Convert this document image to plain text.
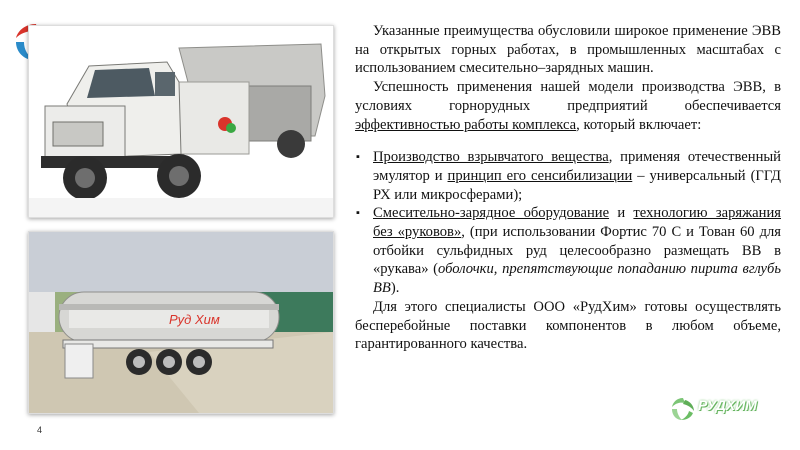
Руд Хим
4

Указанные преимущества обусловили широкое применение ЭВВ на открытых горных работах, в промышленных масштабах с использованием смесительно–зарядных машин.

Успешность применения нашей модели производства ЭВВ, в условиях горнорудных предприятий обеспечивается эффективностью работы комплекса, который включает:

▪ Производство взрывчатого вещества, применяя отечественный эмулятор и принцип его сенсибилизации – универсальный (ГГД РХ или микросферами);

▪ Смесительно-зарядное оборудование и технологию заряжания без «руковов», (при использовании Фортис 70 С и Тован 60 для отбойки сульфидных руд целесообразно размещать ВВ в «рукава» (оболочки, препятствующие попаданию пирита вглубь ВВ).

Для этого специалисты ООО «РудХим» готовы осуществлять бесперебойные поставки компонентов в любом объеме, гарантированного качества.

РУДХИМ
